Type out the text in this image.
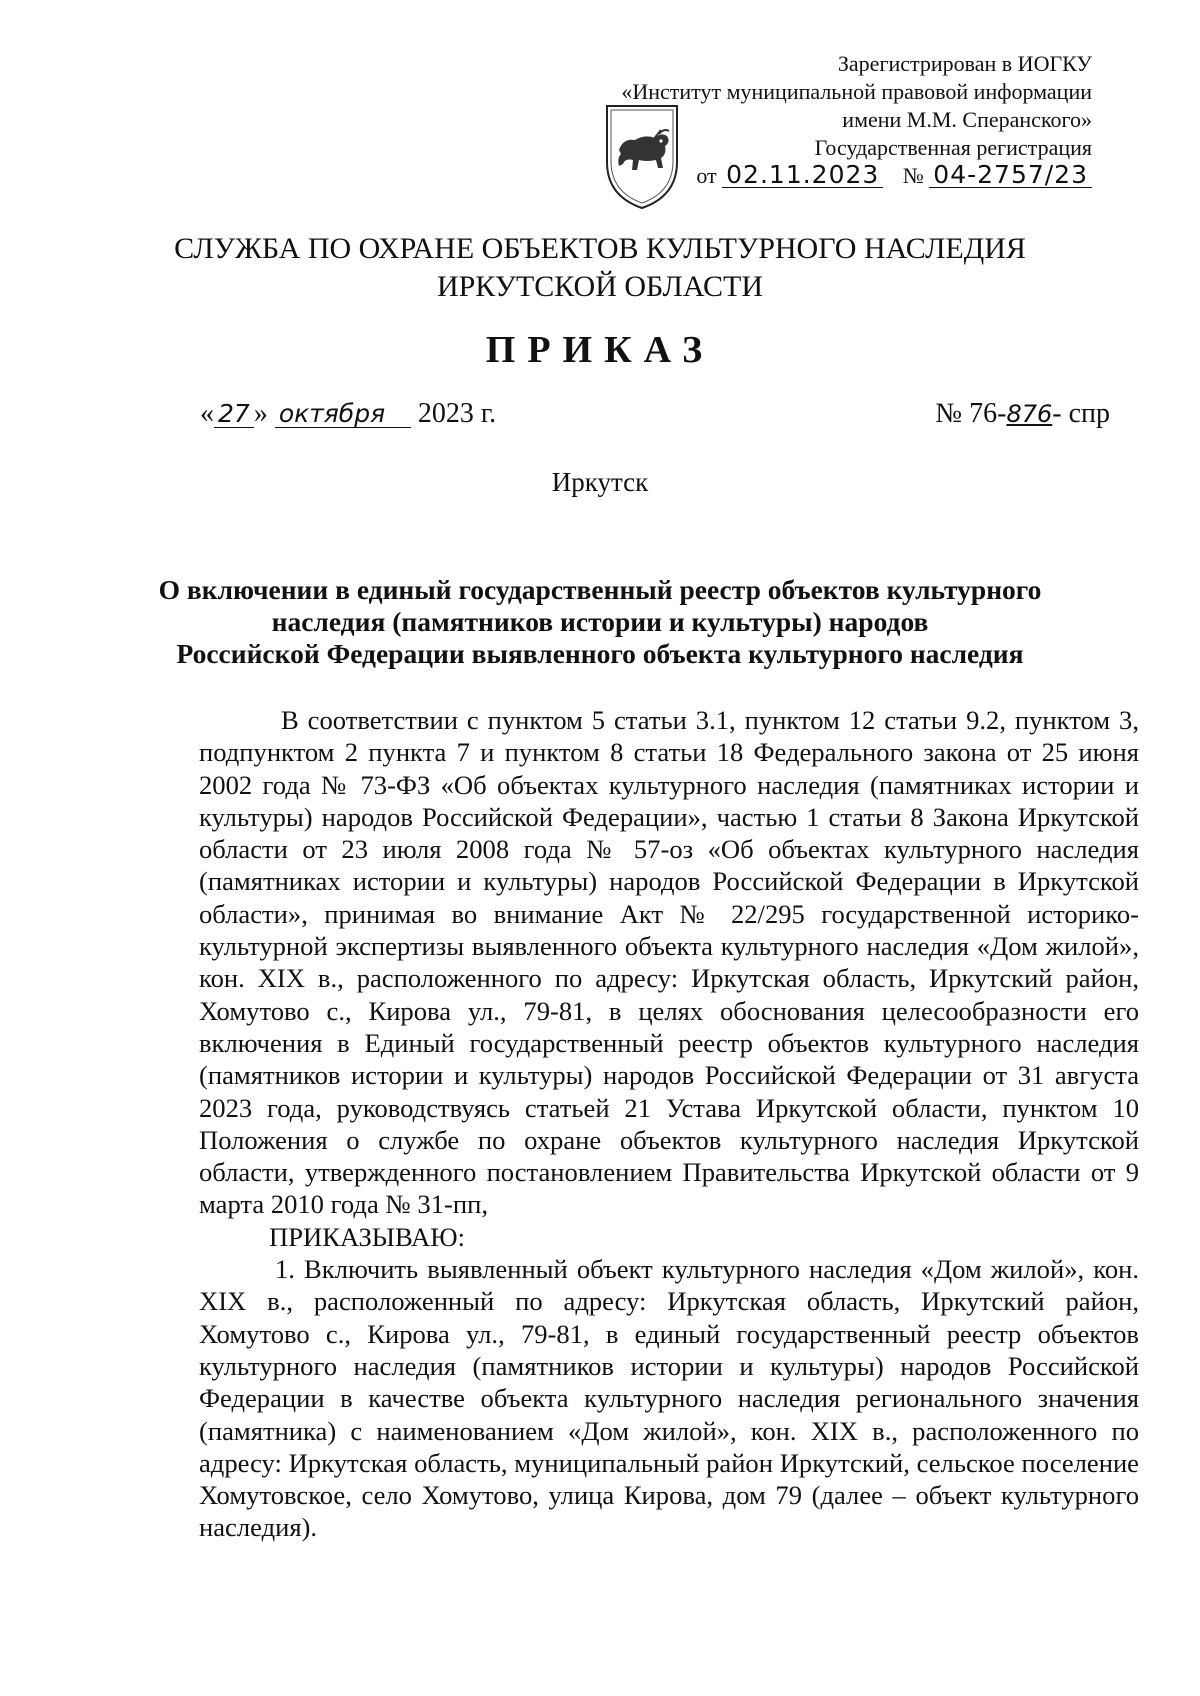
Зарегистрирован в ИОГКУ
«Институт муниципальной правовой информации
имени М.М. Сперанского»
Государственная регистрация
от 02.11.2023 № 04-2757/23
СЛУЖБА ПО ОХРАНЕ ОБЪЕКТОВ КУЛЬТУРНОГО НАСЛЕДИЯ
ИРКУТСКОЙ ОБЛАСТИ
ПРИКАЗ
« 27 » октября 2023 г.	№ 76-876- спр
Иркутск
О включении в единый государственный реестр объектов культурного
наследия (памятников истории и культуры) народов
Российской Федерации выявленного объекта культурного наследия

В соответствии с пунктом 5 статьи 3.1, пунктом 12 статьи 9.2, пунктом 3, подпунктом 2 пункта 7 и пунктом 8 статьи 18 Федерального закона от 25 июня 2002 года № 73-ФЗ «Об объектах культурного наследия (памятниках истории и культуры) народов Российской Федерации», частью 1 статьи 8 Закона Иркутской области от 23 июля 2008 года № 57-оз «Об объектах культурного наследия (памятниках истории и культуры) народов Российской Федерации в Иркутской области», принимая во внимание Акт № 22/295 государственной историко-культурной экспертизы выявленного объекта культурного наследия «Дом жилой», кон. XIX в., расположенного по адресу: Иркутская область, Иркутский район, Хомутово с., Кирова ул., 79-81, в целях обоснования целесообразности его включения в Единый государственный реестр объектов культурного наследия (памятников истории и культуры) народов Российской Федерации от 31 августа 2023 года, руководствуясь статьей 21 Устава Иркутской области, пунктом 10 Положения о службе по охране объектов культурного наследия Иркутской области, утвержденного постановлением Правительства Иркутской области от 9 марта 2010 года № 31-пп,

ПРИКАЗЫВАЮ:

1. Включить выявленный объект культурного наследия «Дом жилой», кон. XIX в., расположенный по адресу: Иркутская область, Иркутский район, Хомутово с., Кирова ул., 79-81, в единый государственный реестр объектов культурного наследия (памятников истории и культуры) народов Российской Федерации в качестве объекта культурного наследия регионального значения (памятника) с наименованием «Дом жилой», кон. XIX в., расположенного по адресу: Иркутская область, муниципальный район Иркутский, сельское поселение Хомутовское, село Хомутово, улица Кирова, дом 79 (далее – объект культурного наследия).
